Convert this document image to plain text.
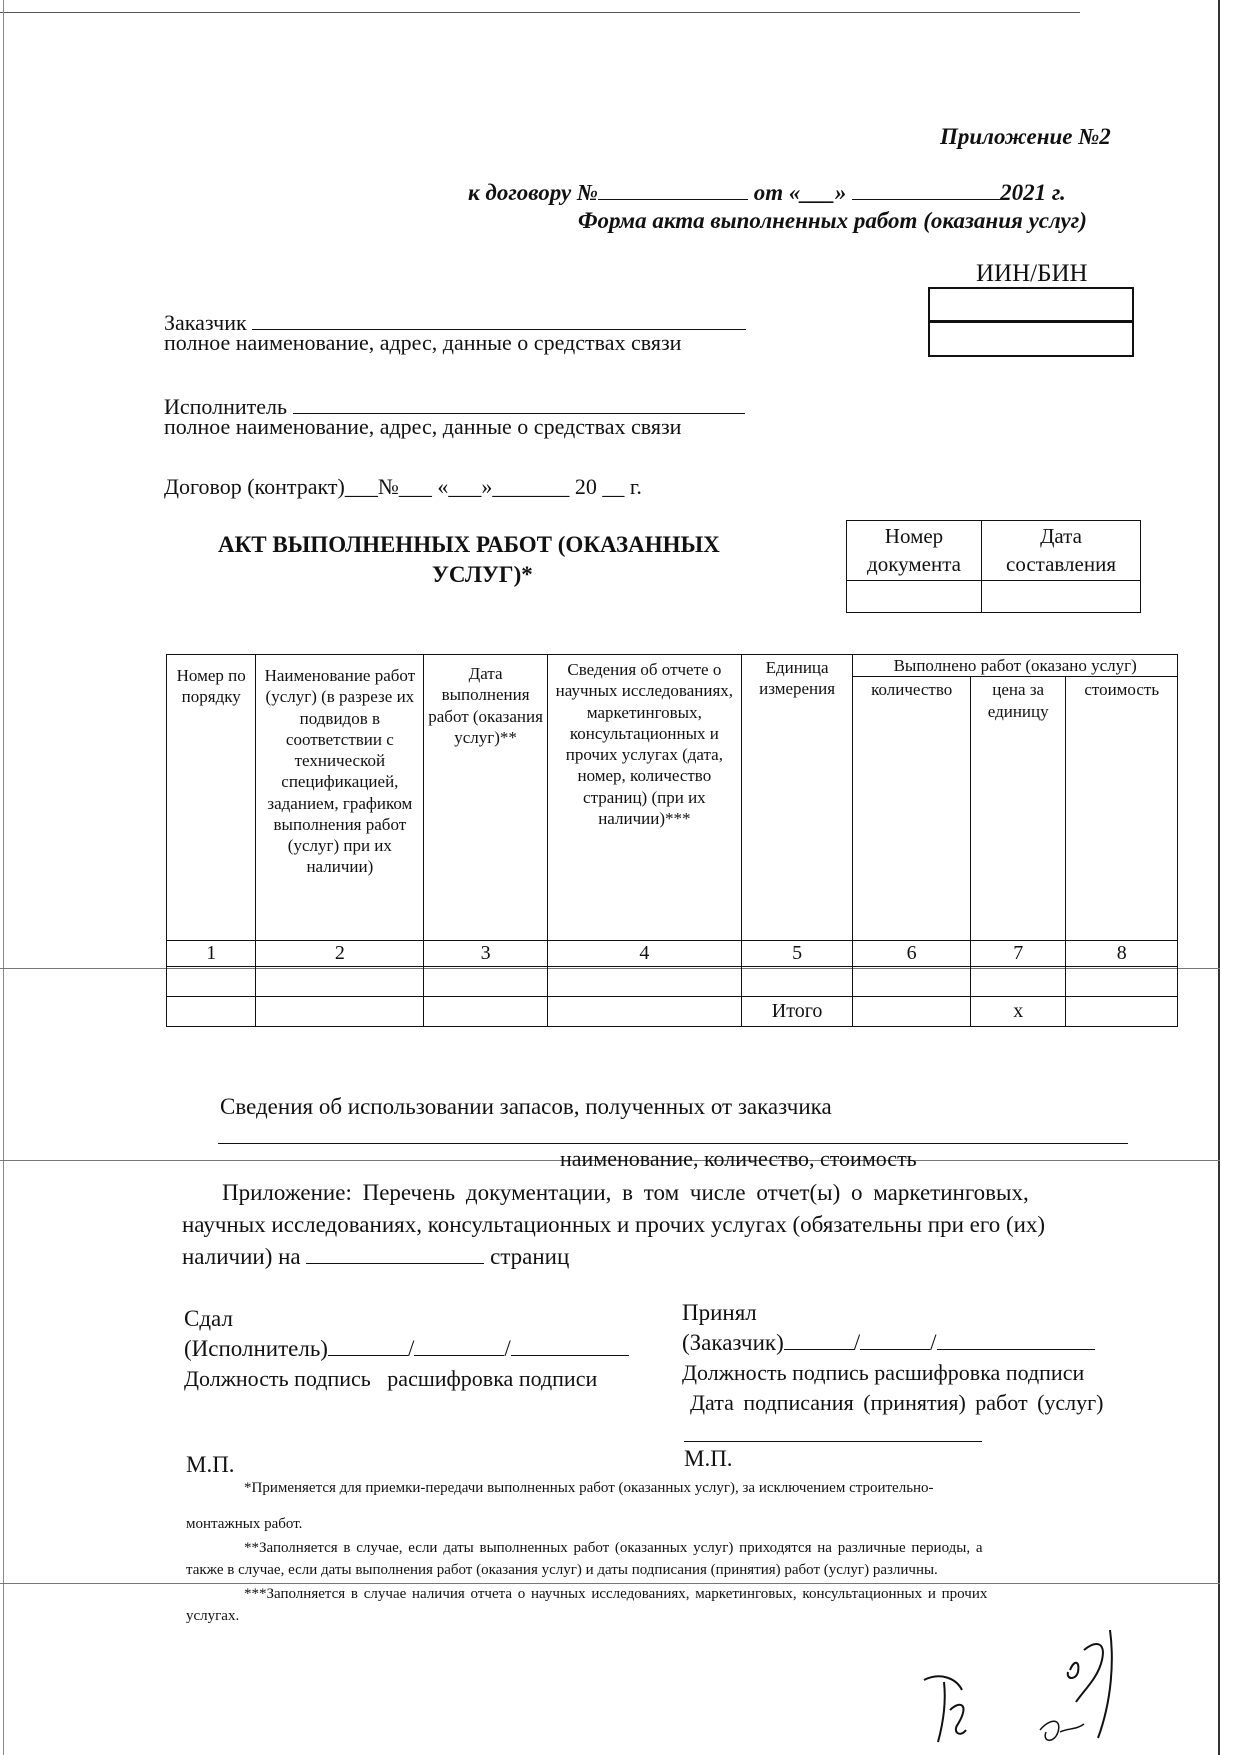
Приложение №2
к договору №	от «___»	2021 г.
Форма акта выполненных работ (оказания услуг)
ИИН/БИН
Заказчик
полное наименование, адрес, данные о средствах связи
Исполнитель
полное наименование, адрес, данные о средствах связи
Договор (контракт)___№___ «___»_______ 20 __ г.
АКТ ВЫПОЛНЕННЫХ РАБОТ (ОКАЗАННЫХ
УСЛУГ)*
Номер документа	Дата составления

Номер по порядку	Наименование работ (услуг) (в разрезе их подвидов в соответствии с технической спецификацией, заданием, графиком выполнения работ (услуг) при их наличии)	Дата выполнения работ (оказания услуг)**	Сведения об отчете о научных исследованиях, маркетинговых, консультационных и прочих услугах (дата, номер, количество страниц) (при их наличии)***	Единица измерения	Выполнено работ (оказано услуг)		
					количество	цена за единицу	стоимость
1	2	3	4	5	6	7	8

				Итого		х	
Сведения об использовании запасов, полученных от заказчика
наименование, количество, стоимость
Приложение: Перечень документации, в том числе отчет(ы) о маркетинговых,
научных исследованиях, консультационных и прочих услугах (обязательны при его (их)
наличии) на	страниц
Сдал
(Исполнитель)	/	/
Должность подпись   расшифровка подписи
М.П.
Принял
(Заказчик)	/	/
Должность подпись расшифровка подписи
Дата подписания (принятия) работ (услуг)
М.П.
*Применяется для приемки-передачи выполненных работ (оказанных услуг), за исключением строительно-
монтажных работ.
**Заполняется в случае, если даты выполненных работ (оказанных услуг) приходятся на различные периоды, а
также в случае, если даты выполнения работ (оказания услуг) и даты подписания (принятия) работ (услуг) различны.
***Заполняется в случае наличия отчета о научных исследованиях, маркетинговых, консультационных и прочих
услугах.
